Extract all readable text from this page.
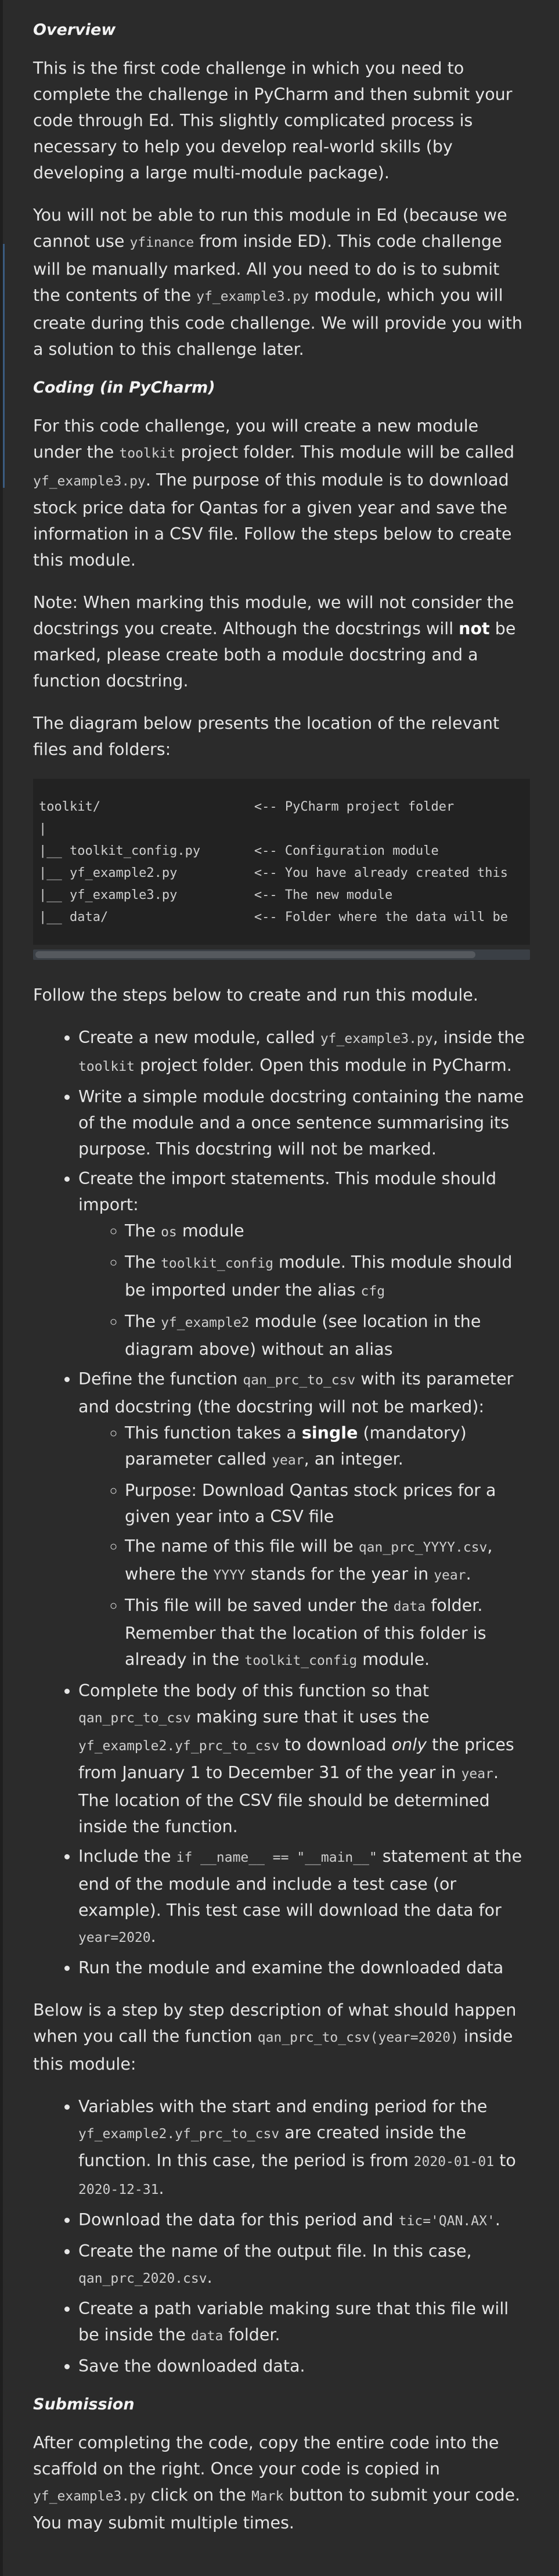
Overview

This is the first code challenge in which you need to complete the challenge in PyCharm and then submit your code through Ed. This slightly complicated process is necessary to help you develop real-world skills (by developing a large multi-module package).

You will not be able to run this module in Ed (because we cannot use yfinance from inside ED). This code challenge will be manually marked. All you need to do is to submit the contents of the yf_example3.py module, which you will create during this code challenge. We will provide you with a solution to this challenge later.

Coding (in PyCharm)

For this code challenge, you will create a new module under the toolkit project folder. This module will be called yf_example3.py. The purpose of this module is to download stock price data for Qantas for a given year and save the information in a CSV file. Follow the steps below to create this module.

Note: When marking this module, we will not consider the docstrings you create. Although the docstrings will not be marked, please create both a module docstring and a function docstring.

The diagram below presents the location of the relevant files and folders:

toolkit/                    <-- PyCharm project folder
|
|__ toolkit_config.py       <-- Configuration module
|__ yf_example2.py          <-- You have already created this
|__ yf_example3.py          <-- The new module
|__ data/                   <-- Folder where the data will be

Follow the steps below to create and run this module.

• Create a new module, called yf_example3.py, inside the toolkit project folder. Open this module in PyCharm.
• Write a simple module docstring containing the name of the module and a once sentence summarising its purpose. This docstring will not be marked.
• Create the import statements. This module should import:
◦ The os module
◦ The toolkit_config module. This module should be imported under the alias cfg
◦ The yf_example2 module (see location in the diagram above) without an alias
• Define the function qan_prc_to_csv with its parameter and docstring (the docstring will not be marked):
◦ This function takes a single (mandatory) parameter called year, an integer.
◦ Purpose: Download Qantas stock prices for a given year into a CSV file
◦ The name of this file will be qan_prc_YYYY.csv, where the YYYY stands for the year in year.
◦ This file will be saved under the data folder. Remember that the location of this folder is already in the toolkit_config module.
• Complete the body of this function so that qan_prc_to_csv making sure that it uses the yf_example2.yf_prc_to_csv to download only the prices from January 1 to December 31 of the year in year. The location of the CSV file should be determined inside the function.
• Include the if __name__ == "__main__" statement at the end of the module and include a test case (or example). This test case will download the data for year=2020.
• Run the module and examine the downloaded data

Below is a step by step description of what should happen when you call the function qan_prc_to_csv(year=2020) inside this module:

• Variables with the start and ending period for the yf_example2.yf_prc_to_csv are created inside the function. In this case, the period is from 2020-01-01 to 2020-12-31.
• Download the data for this period and tic='QAN.AX'.
• Create the name of the output file. In this case, qan_prc_2020.csv.
• Create a path variable making sure that this file will be inside the data folder.
• Save the downloaded data.
Submission

After completing the code, copy the entire code into the scaffold on the right. Once your code is copied in yf_example3.py click on the Mark button to submit your code. You may submit multiple times.
